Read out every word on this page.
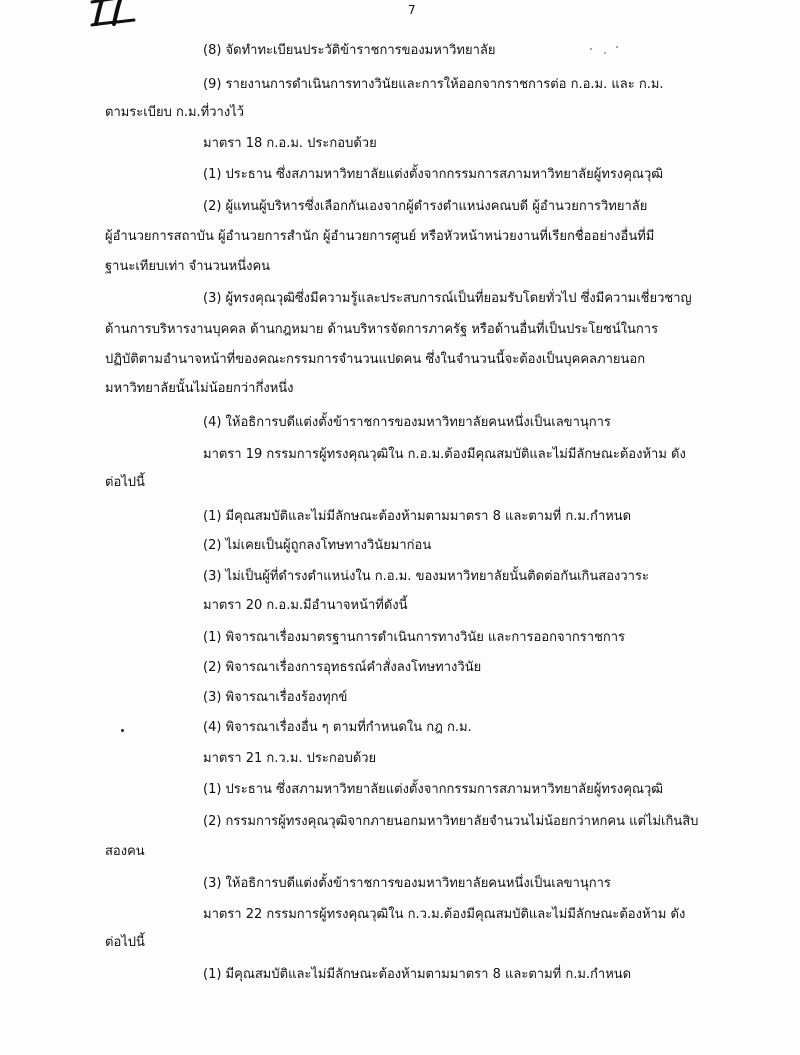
7
(8) จัดทำทะเบียนประวัติข้าราชการของมหาวิทยาลัย
(9) รายงานการดำเนินการทางวินัยและการให้ออกจากราชการต่อ ก.อ.ม. และ ก.ม.
ตามระเบียบ ก.ม.ที่วางไว้
มาตรา 18 ก.อ.ม. ประกอบด้วย
(1) ประธาน ซึ่งสภามหาวิทยาลัยแต่งตั้งจากกรรมการสภามหาวิทยาลัยผู้ทรงคุณวุฒิ
(2) ผู้แทนผู้บริหารซึ่งเลือกกันเองจากผู้ดำรงตำแหน่งคณบดี ผู้อำนวยการวิทยาลัย
ผู้อำนวยการสถาบัน ผู้อำนวยการสำนัก ผู้อำนวยการศูนย์ หรือหัวหน้าหน่วยงานที่เรียกชื่ออย่างอื่นที่มี
ฐานะเทียบเท่า จำนวนหนึ่งคน
(3) ผู้ทรงคุณวุฒิซึ่งมีความรู้และประสบการณ์เป็นที่ยอมรับโดยทั่วไป ซึ่งมีความเชี่ยวชาญ
ด้านการบริหารงานบุคคล ด้านกฎหมาย ด้านบริหารจัดการภาครัฐ หรือด้านอื่นที่เป็นประโยชน์ในการ
ปฏิบัติตามอำนาจหน้าที่ของคณะกรรมการจำนวนแปดคน ซึ่งในจำนวนนี้จะต้องเป็นบุคคลภายนอก
มหาวิทยาลัยนั้นไม่น้อยกว่ากึ่งหนึ่ง
(4) ให้อธิการบดีแต่งตั้งข้าราชการของมหาวิทยาลัยคนหนึ่งเป็นเลขานุการ
มาตรา 19 กรรมการผู้ทรงคุณวุฒิใน ก.อ.ม.ต้องมีคุณสมบัติและไม่มีลักษณะต้องห้าม ดัง
ต่อไปนี้
(1) มีคุณสมบัติและไม่มีลักษณะต้องห้ามตามมาตรา 8 และตามที่ ก.ม.กำหนด
(2) ไม่เคยเป็นผู้ถูกลงโทษทางวินัยมาก่อน
(3) ไม่เป็นผู้ที่ดำรงตำแหน่งใน ก.อ.ม. ของมหาวิทยาลัยนั้นติดต่อกันเกินสองวาระ
มาตรา 20 ก.อ.ม.มีอำนาจหน้าที่ดังนี้
(1) พิจารณาเรื่องมาตรฐานการดำเนินการทางวินัย และการออกจากราชการ
(2) พิจารณาเรื่องการอุทธรณ์คำสั่งลงโทษทางวินัย
(3) พิจารณาเรื่องร้องทุกข์
(4) พิจารณาเรื่องอื่น ๆ ตามที่กำหนดใน กฎ ก.ม.
มาตรา 21 ก.ว.ม. ประกอบด้วย
(1) ประธาน ซึ่งสภามหาวิทยาลัยแต่งตั้งจากกรรมการสภามหาวิทยาลัยผู้ทรงคุณวุฒิ
(2) กรรมการผู้ทรงคุณวุฒิจากภายนอกมหาวิทยาลัยจำนวนไม่น้อยกว่าหกคน แต่ไม่เกินสิบ
สองคน
(3) ให้อธิการบดีแต่งตั้งข้าราชการของมหาวิทยาลัยคนหนึ่งเป็นเลขานุการ
มาตรา 22 กรรมการผู้ทรงคุณวุฒิใน ก.ว.ม.ต้องมีคุณสมบัติและไม่มีลักษณะต้องห้าม ดัง
ต่อไปนี้
(1) มีคุณสมบัติและไม่มีลักษณะต้องห้ามตามมาตรา 8 และตามที่ ก.ม.กำหนด
